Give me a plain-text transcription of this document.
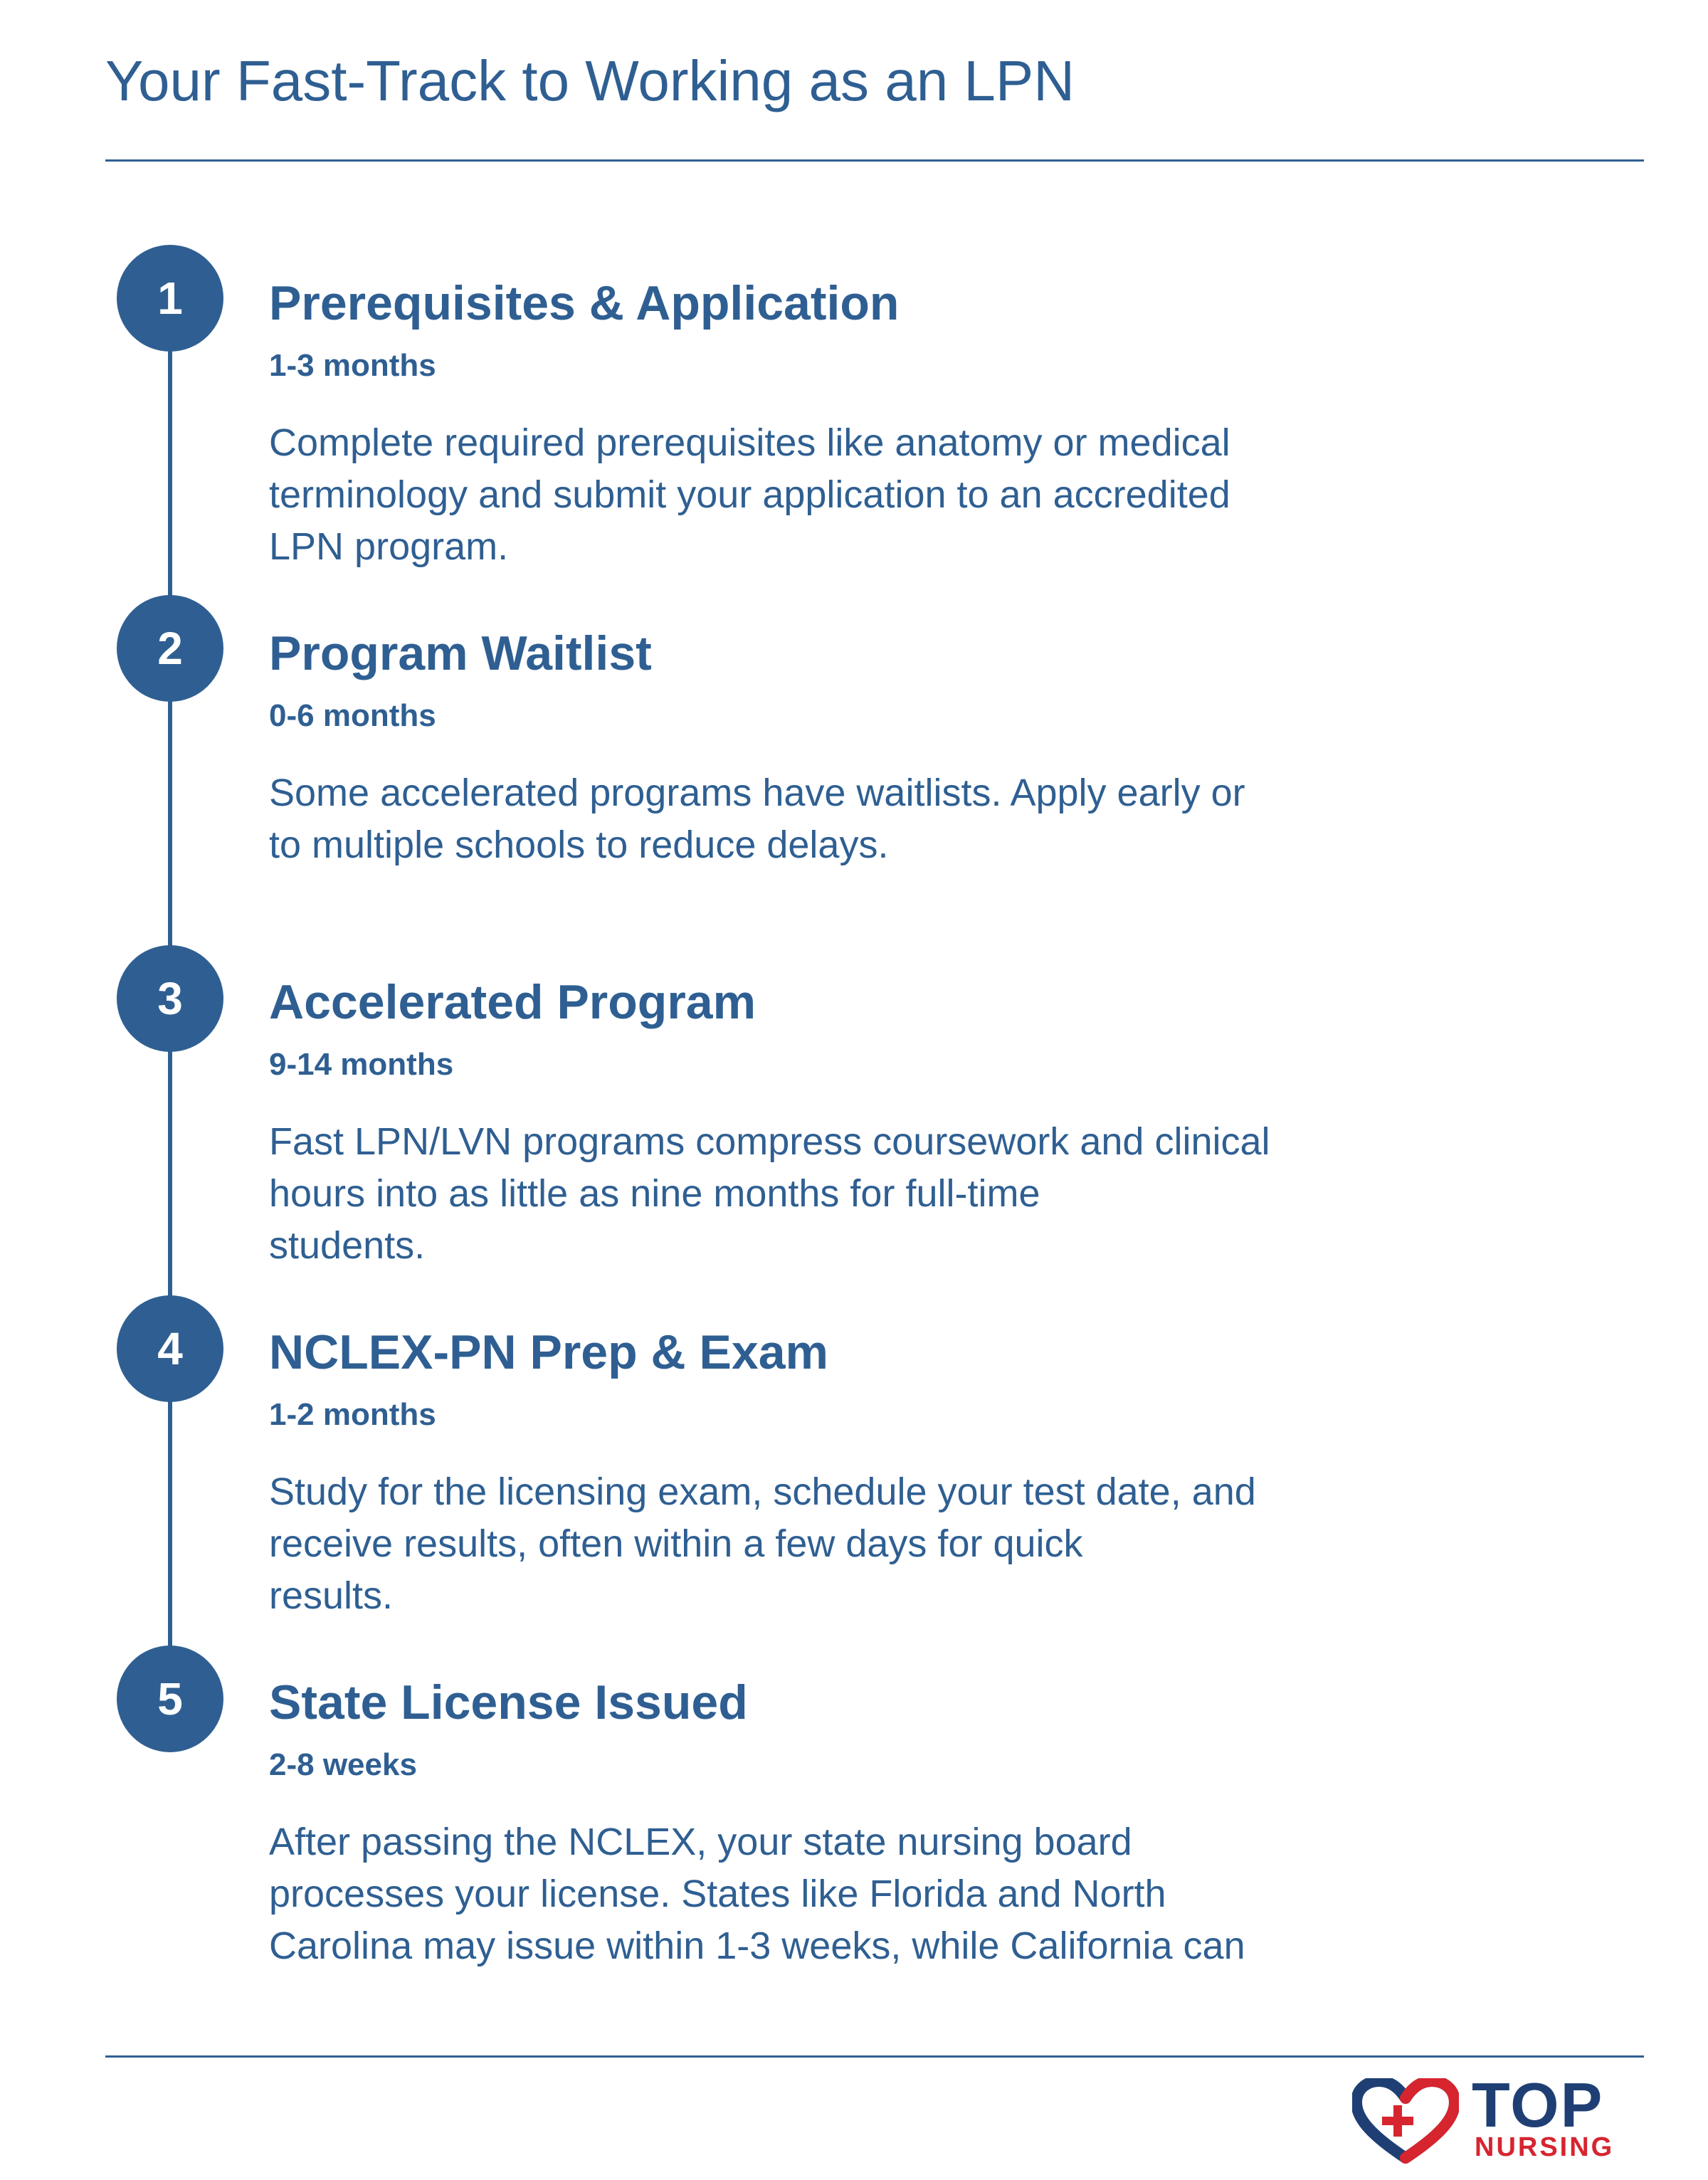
Your Fast-Track to Working as an LPN
1	Prerequisites & Application

1-3 months

Complete required prerequisites like anatomy or medical
terminology and submit your application to an accredited
LPN program.

2	Program Waitlist

0-6 months

Some accelerated programs have waitlists. Apply early or
to multiple schools to reduce delays.

3	Accelerated Program

9-14 months

Fast LPN/LVN programs compress coursework and clinical
hours into as little as nine months for full-time
students.

4	NCLEX-PN Prep & Exam

1-2 months

Study for the licensing exam, schedule your test date, and
receive results, often within a few days for quick
results.

5	State License Issued

2-8 weeks

After passing the NCLEX, your state nursing board
processes your license. States like Florida and North
Carolina may issue within 1-3 weeks, while California can

TOP
NURSING
